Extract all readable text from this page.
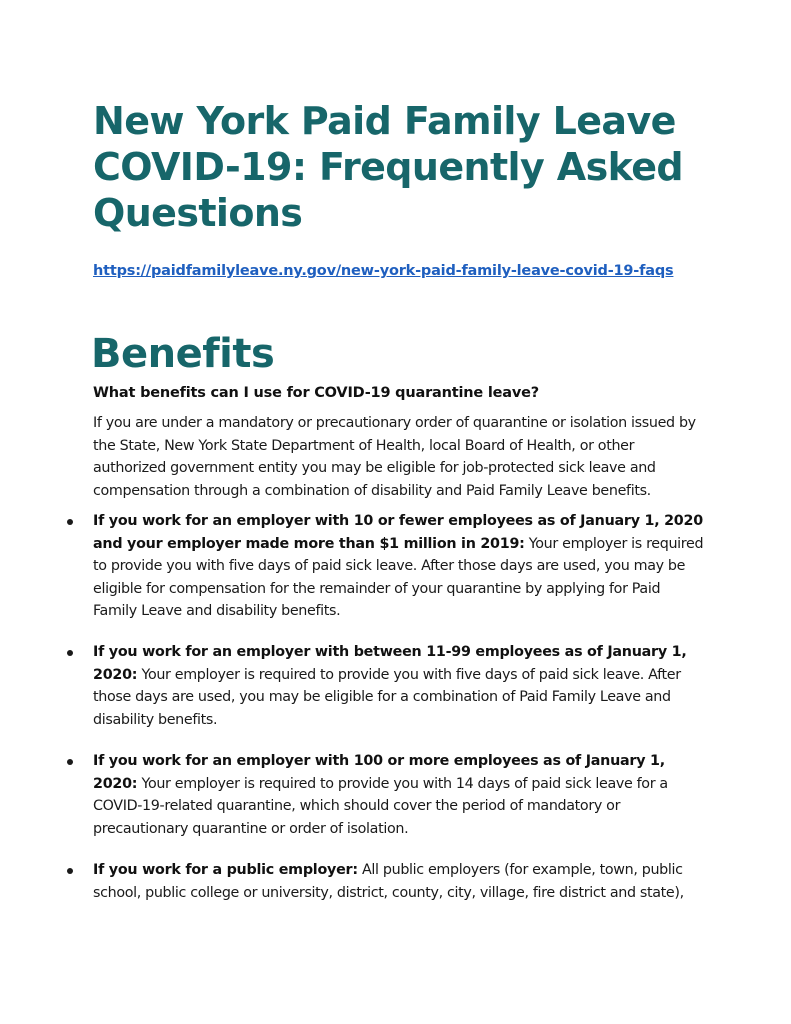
New York Paid Family Leave COVID-19: Frequently Asked Questions
https://paidfamilyleave.ny.gov/new-york-paid-family-leave-covid-19-faqs
Benefits

What benefits can I use for COVID-19 quarantine leave?

If you are under a mandatory or precautionary order of quarantine or isolation issued by the State, New York State Department of Health, local Board of Health, or other authorized government entity you may be eligible for job-protected sick leave and compensation through a combination of disability and Paid Family Leave benefits.

If you work for an employer with 10 or fewer employees as of January 1, 2020 and your employer made more than $1 million in 2019: Your employer is required to provide you with five days of paid sick leave. After those days are used, you may be eligible for compensation for the remainder of your quarantine by applying for Paid Family Leave and disability benefits.

If you work for an employer with between 11-99 employees as of January 1, 2020: Your employer is required to provide you with five days of paid sick leave. After those days are used, you may be eligible for a combination of Paid Family Leave and disability benefits.

If you work for an employer with 100 or more employees as of January 1, 2020: Your employer is required to provide you with 14 days of paid sick leave for a COVID-19-related quarantine, which should cover the period of mandatory or precautionary quarantine or order of isolation.

If you work for a public employer: All public employers (for example, town, public school, public college or university, district, county, city, village, fire district and state),
